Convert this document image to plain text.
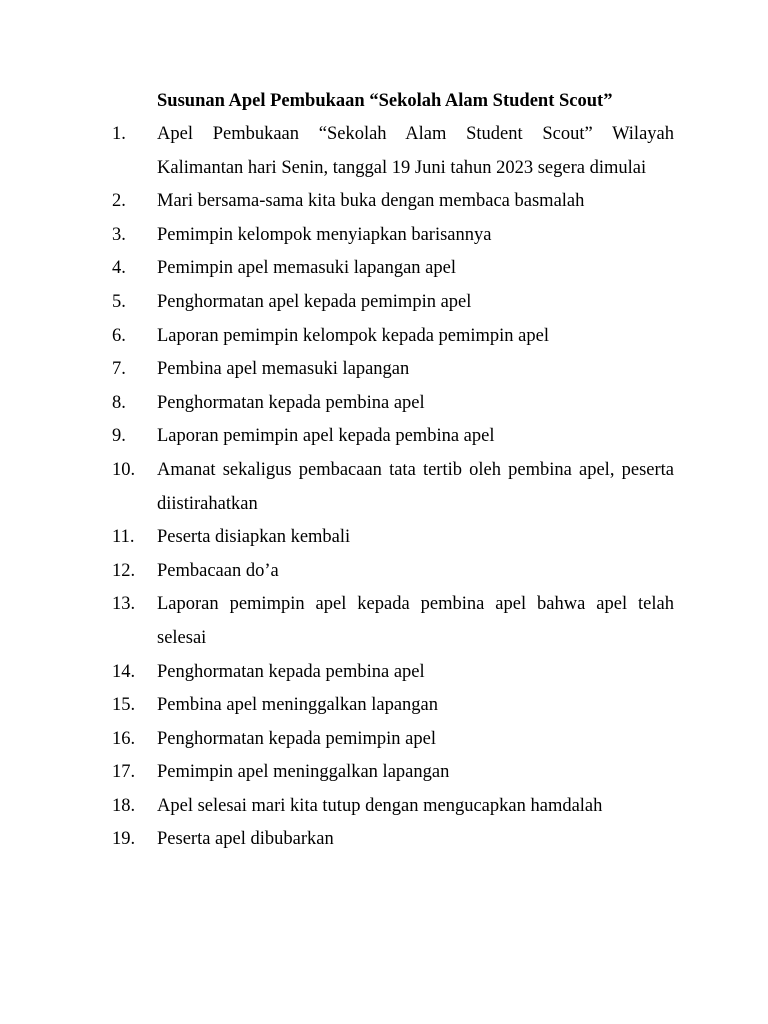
Susunan Apel Pembukaan “Sekolah Alam Student Scout”
1.	Apel Pembukaan “Sekolah Alam Student Scout” Wilayah Kalimantan hari Senin, tanggal 19 Juni tahun 2023 segera dimulai
2.	Mari bersama-sama kita buka dengan membaca basmalah
3.	Pemimpin kelompok menyiapkan barisannya
4.	Pemimpin apel memasuki lapangan apel
5.	Penghormatan apel kepada pemimpin apel
6.	Laporan pemimpin kelompok kepada pemimpin apel
7.	Pembina apel memasuki lapangan
8.	Penghormatan kepada pembina apel
9.	Laporan pemimpin apel kepada pembina apel
10.	Amanat sekaligus pembacaan tata tertib oleh pembina apel, peserta diistirahatkan
11.	Peserta disiapkan kembali
12.	Pembacaan do’a
13.	Laporan pemimpin apel kepada pembina apel bahwa apel telah selesai
14.	Penghormatan kepada pembina apel
15.	Pembina apel meninggalkan lapangan
16.	Penghormatan kepada pemimpin apel
17.	Pemimpin apel meninggalkan lapangan
18.	Apel selesai mari kita tutup dengan mengucapkan hamdalah
19.	Peserta apel dibubarkan
